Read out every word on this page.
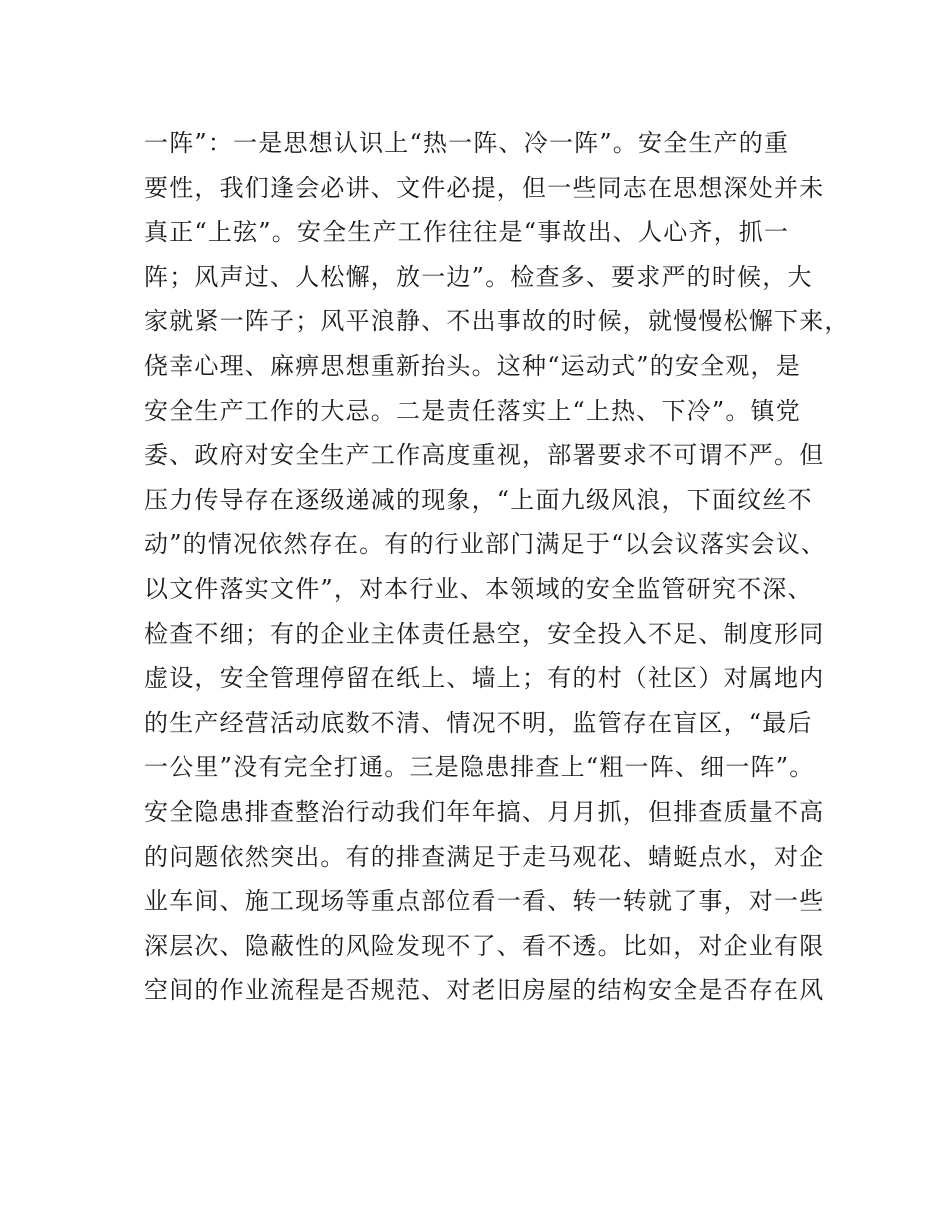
一阵”：一是思想认识上“热一阵、冷一阵”。安全生产的重
要性，我们逢会必讲、文件必提，但一些同志在思想深处并未
真正“上弦”。安全生产工作往往是“事故出、人心齐，抓一
阵；风声过、人松懈，放一边”。检查多、要求严的时候，大
家就紧一阵子；风平浪静、不出事故的时候，就慢慢松懈下来，
侥幸心理、麻痹思想重新抬头。这种“运动式”的安全观，是
安全生产工作的大忌。二是责任落实上“上热、下冷”。镇党
委、政府对安全生产工作高度重视，部署要求不可谓不严。但
压力传导存在逐级递减的现象，“上面九级风浪，下面纹丝不
动”的情况依然存在。有的行业部门满足于“以会议落实会议、
以文件落实文件”，对本行业、本领域的安全监管研究不深、
检查不细；有的企业主体责任悬空，安全投入不足、制度形同
虚设，安全管理停留在纸上、墙上；有的村（社区）对属地内
的生产经营活动底数不清、情况不明，监管存在盲区，“最后
一公里”没有完全打通。三是隐患排查上“粗一阵、细一阵”。
安全隐患排查整治行动我们年年搞、月月抓，但排查质量不高
的问题依然突出。有的排查满足于走马观花、蜻蜓点水，对企
业车间、施工现场等重点部位看一看、转一转就了事，对一些
深层次、隐蔽性的风险发现不了、看不透。比如，对企业有限
空间的作业流程是否规范、对老旧房屋的结构安全是否存在风
